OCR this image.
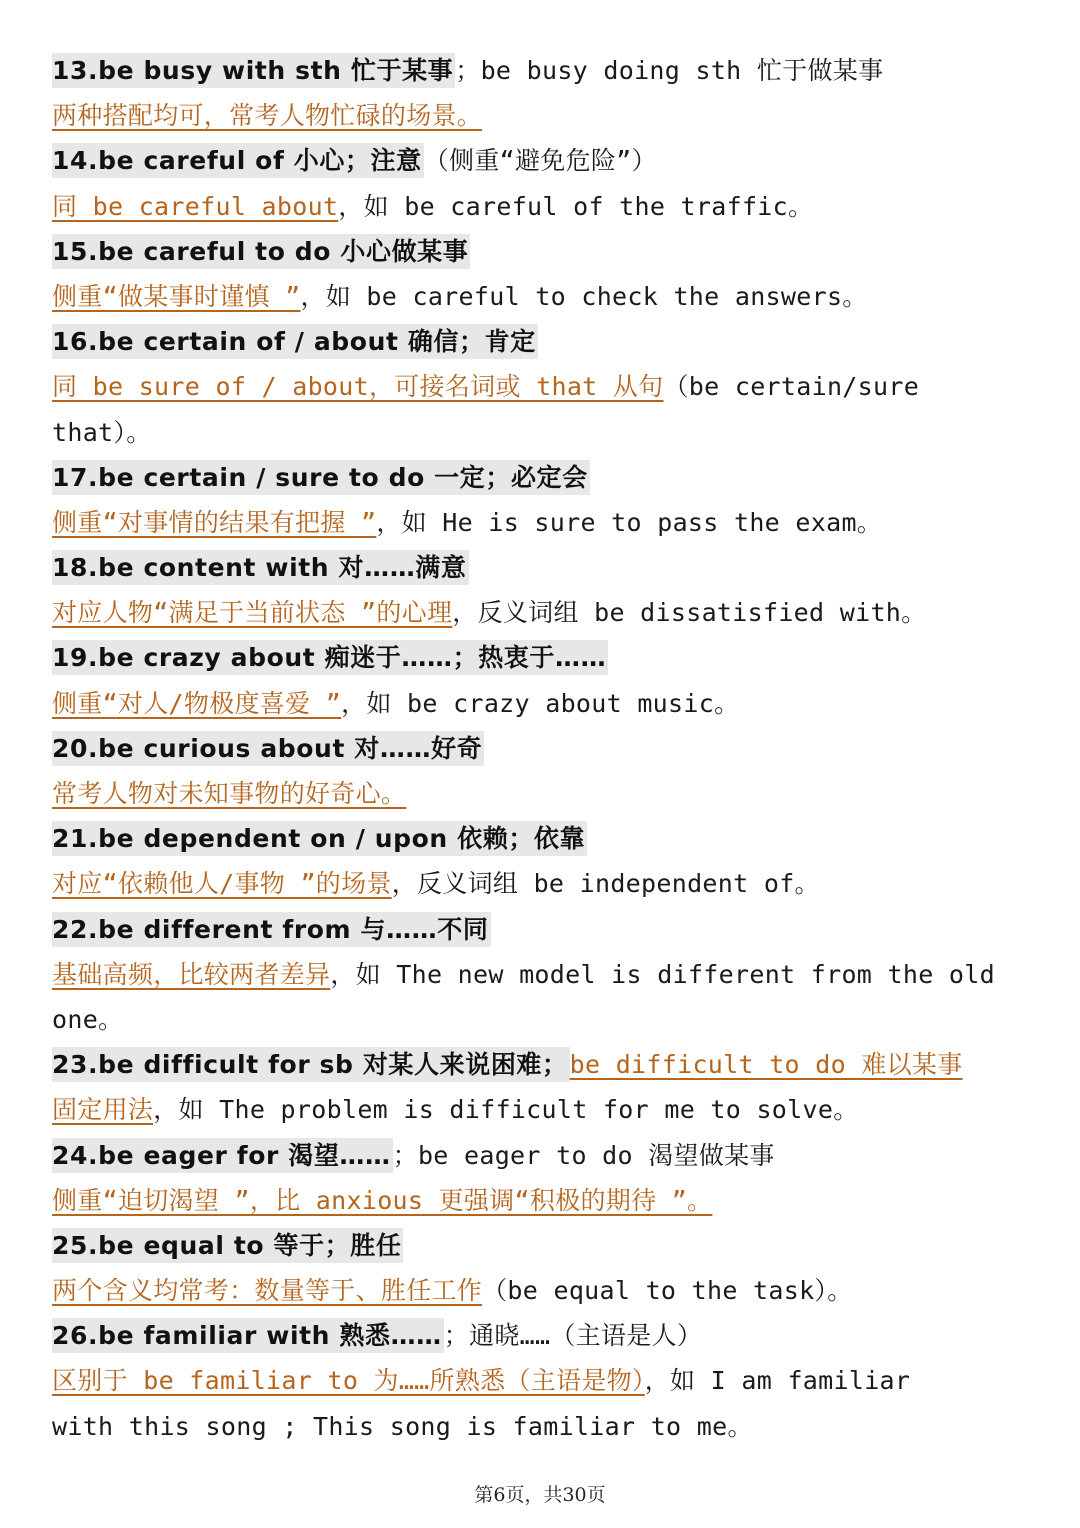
13.be busy with sth 忙于某事；be busy doing sth 忙于做某事
两种搭配均可，常考人物忙碌的场景。
14.be careful of 小心；注意（侧重“避免危险”）
同 be careful about，如 be careful of the traffic。
15.be careful to do 小心做某事
侧重“做某事时谨慎 ”，如 be careful to check the answers。
16.be certain of / about 确信；肯定
同 be sure of / about，可接名词或 that 从句（be certain/sure
that）。
17.be certain / sure to do 一定；必定会
侧重“对事情的结果有把握 ”，如 He is sure to pass the exam。
18.be content with 对……满意
对应人物“满足于当前状态 ”的心理，反义词组 be dissatisfied with。
19.be crazy about 痴迷于……；热衷于……
侧重“对人/物极度喜爱 ”，如 be crazy about music。
20.be curious about 对……好奇
常考人物对未知事物的好奇心。
21.be dependent on / upon 依赖；依靠
对应“依赖他人/事物 ”的场景，反义词组 be independent of。
22.be different from 与……不同
基础高频，比较两者差异，如 The new model is different from the old
one。
23.be difficult for sb 对某人来说困难；be difficult to do 难以某事
固定用法，如 The problem is difficult for me to solve。
24.be eager for 渴望……；be eager to do 渴望做某事
侧重“迫切渴望 ”，比 anxious 更强调“积极的期待 ”。
25.be equal to 等于；胜任
两个含义均常考：数量等于、胜任工作（be equal to the task）。
26.be familiar with 熟悉……；通晓……（主语是人）
区别于 be familiar to 为……所熟悉（主语是物），如 I am familiar
with this song ; This song is familiar to me。
第6页，共30页
